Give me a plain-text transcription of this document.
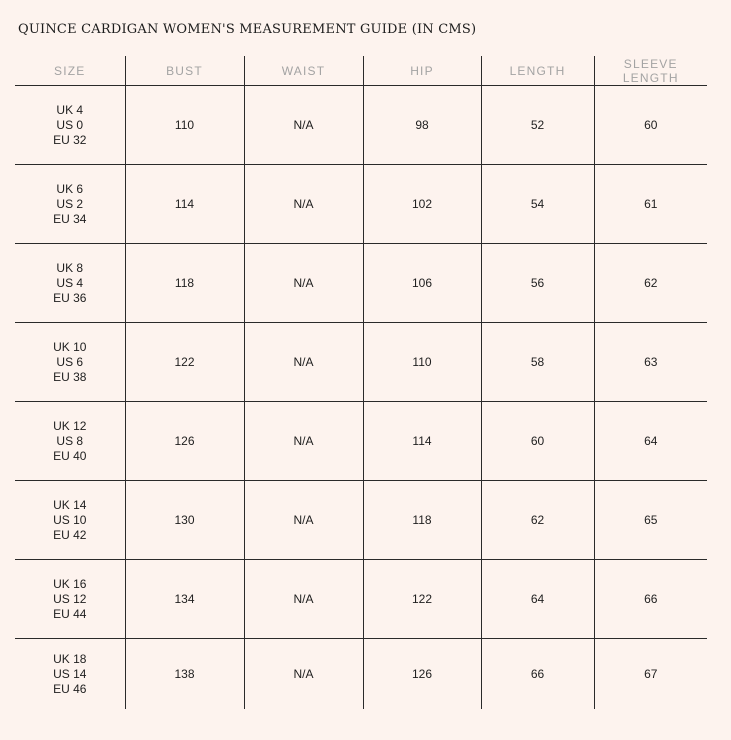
QUINCE CARDIGAN WOMEN'S MEASUREMENT GUIDE (IN CMS)
SIZE	BUST	WAIST	HIP	LENGTH	SLEEVE
LENGTH

UK 4
US 0
EU 32	110	N/A	98	52	60

UK 6
US 2
EU 34	114	N/A	102	54	61

UK 8
US 4
EU 36	118	N/A	106	56	62

UK 10
US 6
EU 38	122	N/A	110	58	63

UK 12
US 8
EU 40	126	N/A	114	60	64

UK 14
US 10
EU 42	130	N/A	118	62	65

UK 16
US 12
EU 44	134	N/A	122	64	66

UK 18
US 14
EU 46	138	N/A	126	66	67
